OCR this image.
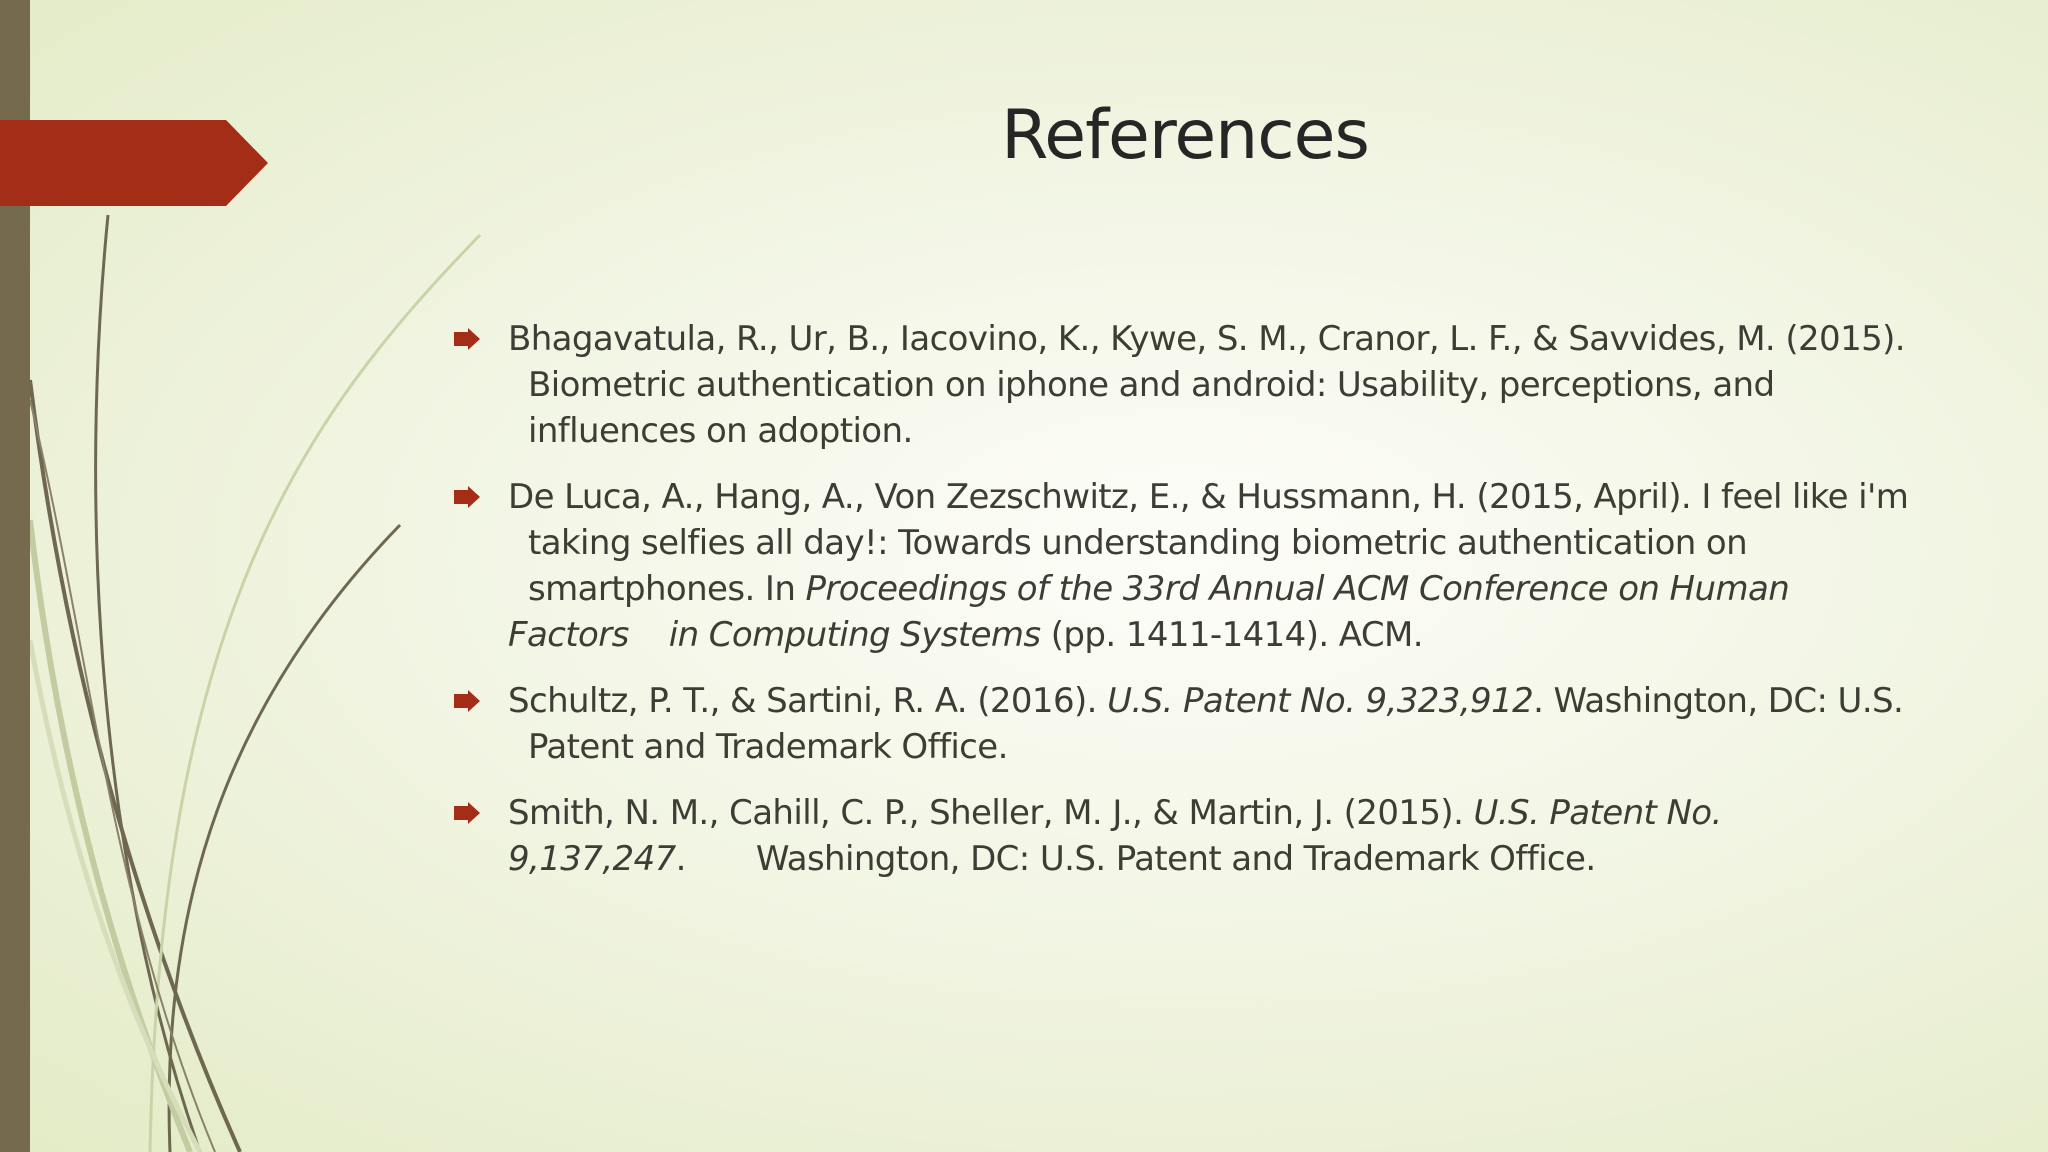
References
Bhagavatula, R., Ur, B., Iacovino, K., Kywe, S. M., Cranor, L. F., & Savvides, M. (2015).
Biometric authentication on iphone and android: Usability, perceptions, and
influences on adoption.
De Luca, A., Hang, A., Von Zezschwitz, E., & Hussmann, H. (2015, April). I feel like i'm
taking selfies all day!: Towards understanding biometric authentication on
smartphones. In Proceedings of the 33rd Annual ACM Conference on Human
Factors in Computing Systems (pp. 1411-1414). ACM.
Schultz, P. T., & Sartini, R. A. (2016). U.S. Patent No. 9,323,912. Washington, DC: U.S.
Patent and Trademark Office.
Smith, N. M., Cahill, C. P., Sheller, M. J., & Martin, J. (2015). U.S. Patent No.
9,137,247. Washington, DC: U.S. Patent and Trademark Office.
